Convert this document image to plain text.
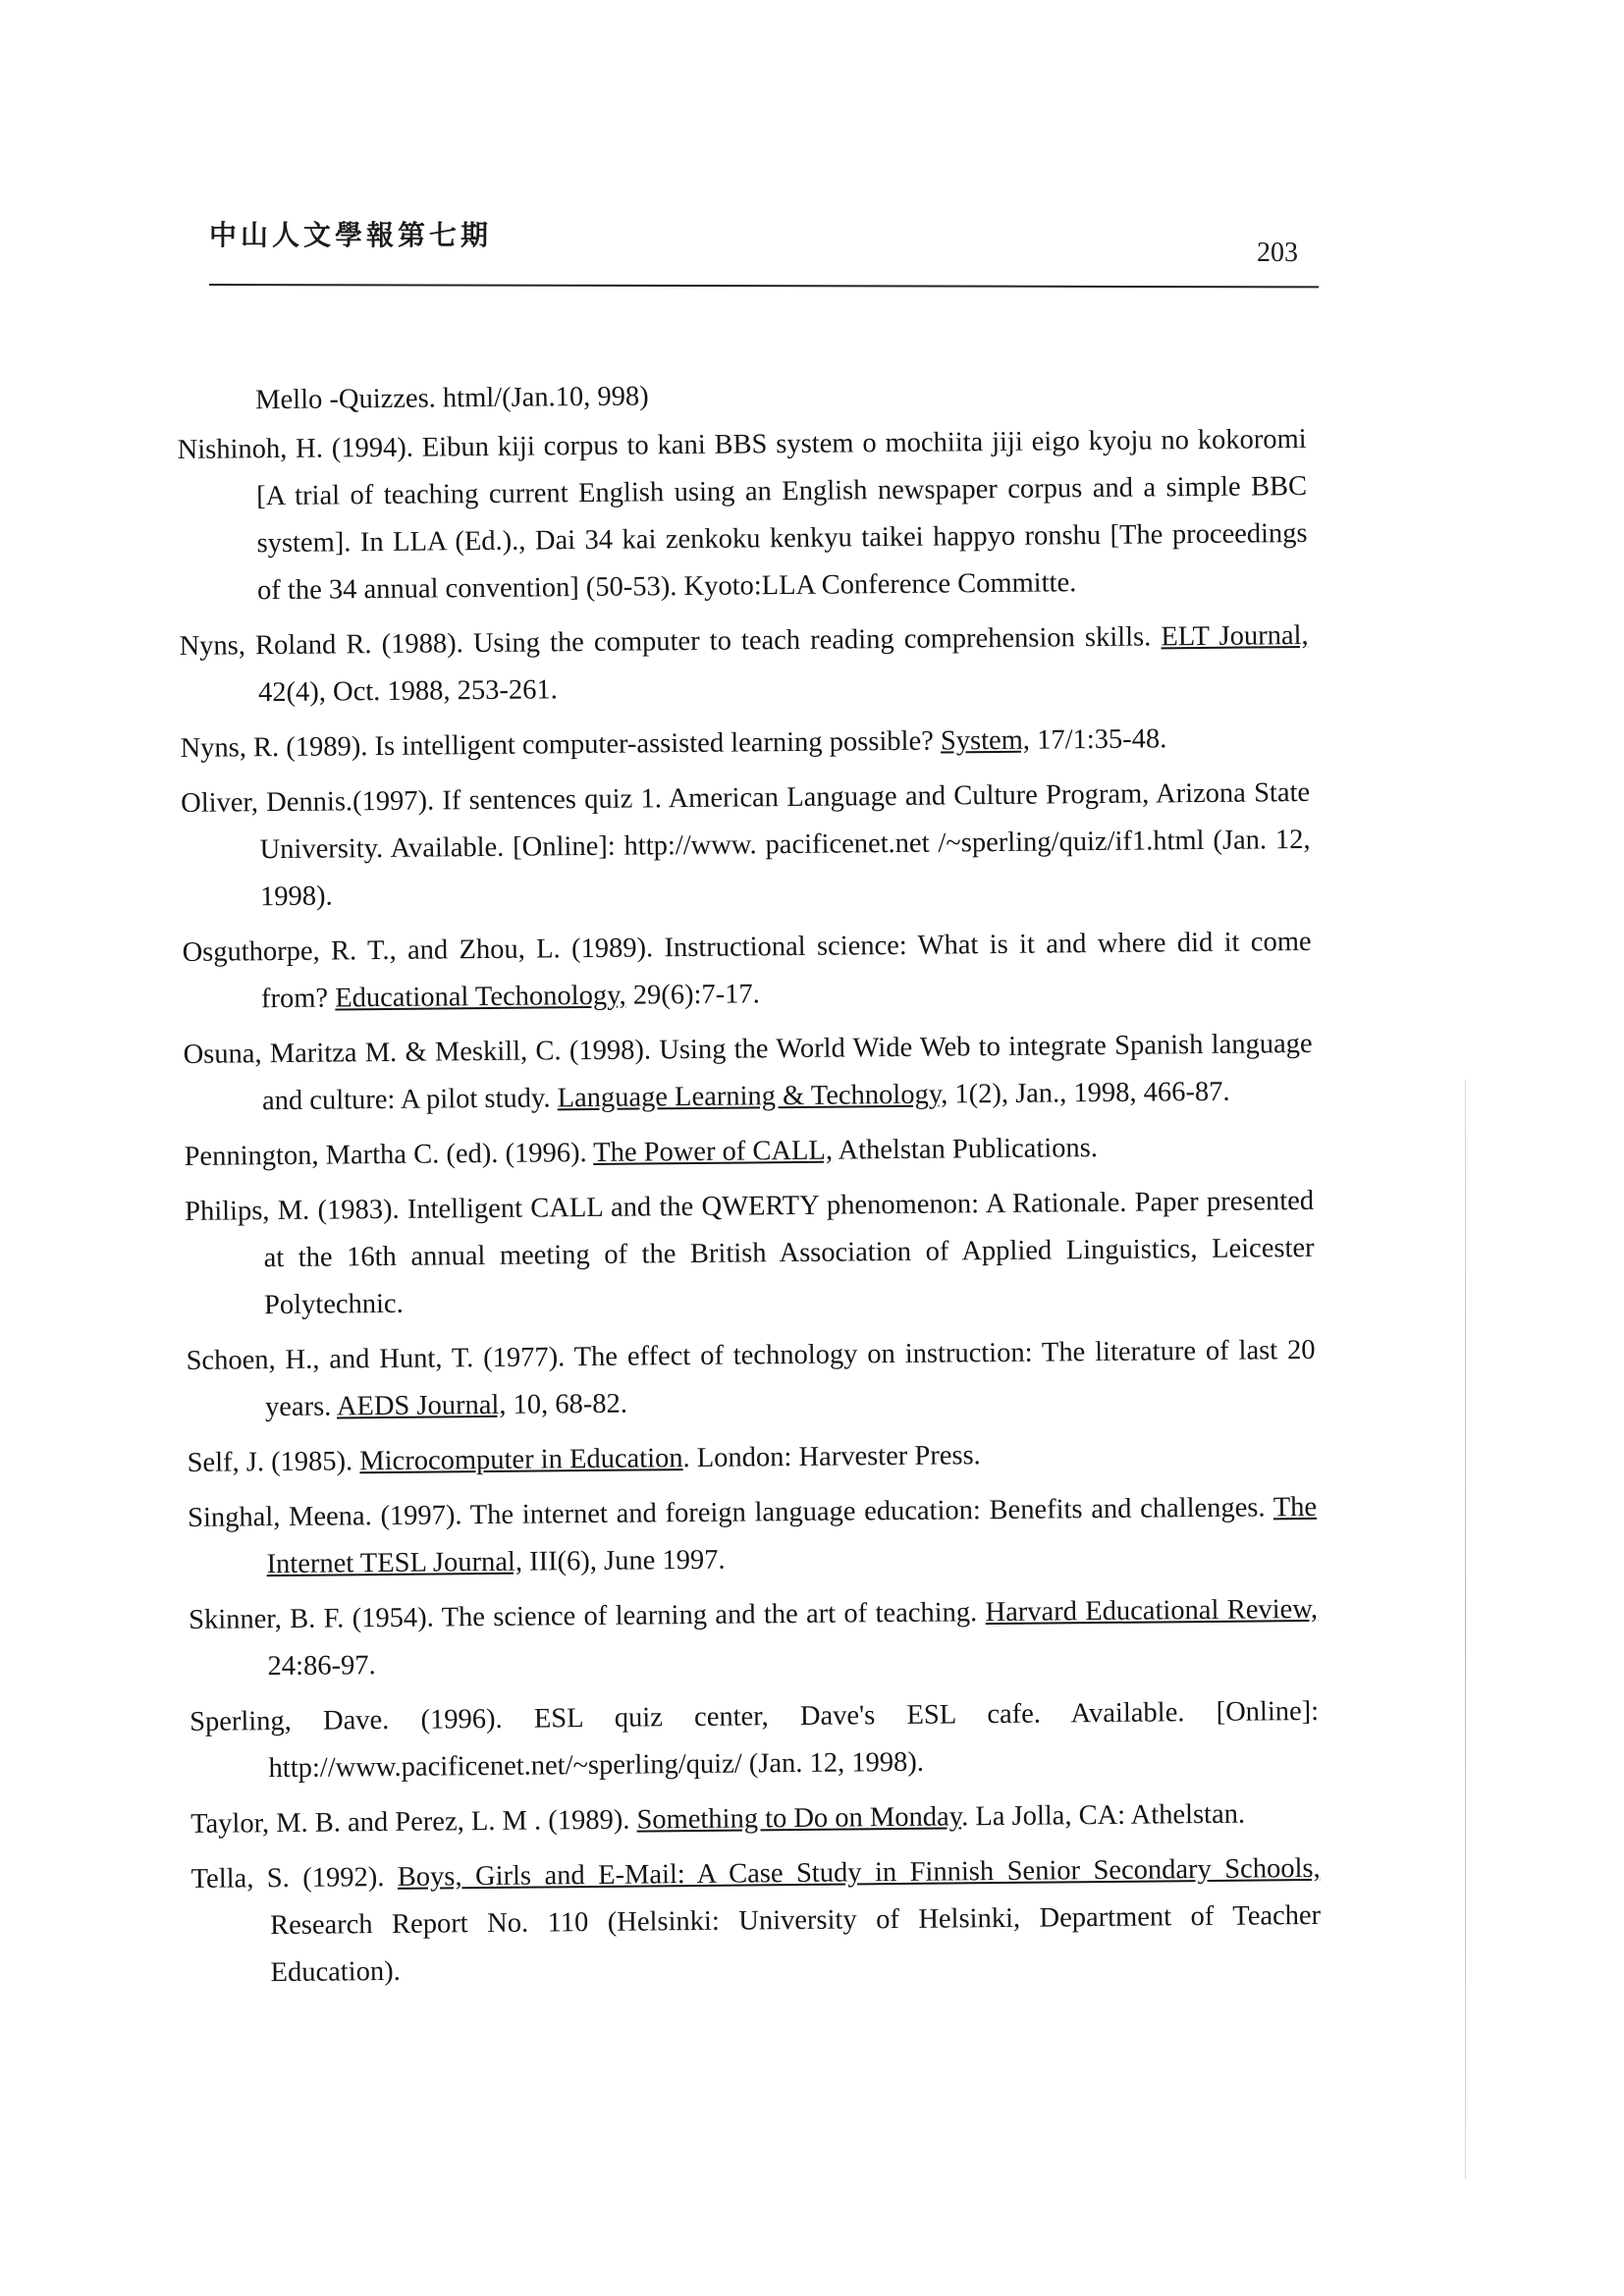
中山人文學報第七期
203

Mello -Quizzes. html/(Jan.10, 998)

Nishinoh, H. (1994). Eibun kiji corpus to kani BBS system o mochiita jiji eigo kyoju no kokoromi [A trial of teaching current English using an English newspaper corpus and a simple BBC system]. In LLA (Ed.)., Dai 34 kai zenkoku kenkyu taikei happyo ronshu [The proceedings of the 34 annual convention] (50-53). Kyoto:LLA Conference Committe.

Nyns, Roland R. (1988). Using the computer to teach reading comprehension skills. ELT Journal, 42(4), Oct. 1988, 253-261.

Nyns, R. (1989). Is intelligent computer-assisted learning possible? System, 17/1:35-48.

Oliver, Dennis.(1997). If sentences quiz 1. American Language and Culture Program, Arizona State University. Available. [Online]: http://www. pacificenet.net /~sperling/quiz/if1.html (Jan. 12, 1998).

Osguthorpe, R. T., and Zhou, L. (1989). Instructional science: What is it and where did it come from? Educational Techonology, 29(6):7-17.

Osuna, Maritza M. & Meskill, C. (1998). Using the World Wide Web to integrate Spanish language and culture: A pilot study. Language Learning & Technology, 1(2), Jan., 1998, 466-87.

Pennington, Martha C. (ed). (1996). The Power of CALL, Athelstan Publications.

Philips, M. (1983). Intelligent CALL and the QWERTY phenomenon: A Rationale. Paper presented at the 16th annual meeting of the British Association of Applied Linguistics, Leicester Polytechnic.

Schoen, H., and Hunt, T. (1977). The effect of technology on instruction: The literature of last 20 years. AEDS Journal, 10, 68-82.

Self, J. (1985). Microcomputer in Education. London: Harvester Press.

Singhal, Meena. (1997). The internet and foreign language education: Benefits and challenges. The Internet TESL Journal, III(6), June 1997.

Skinner, B. F. (1954). The science of learning and the art of teaching. Harvard Educational Review, 24:86-97.

Sperling, Dave. (1996). ESL quiz center, Dave's ESL cafe. Available. [Online]: http://www.pacificenet.net/~sperling/quiz/ (Jan. 12, 1998).

Taylor, M. B. and Perez, L. M . (1989). Something to Do on Monday. La Jolla, CA: Athelstan.

Tella, S. (1992). Boys, Girls and E-Mail: A Case Study in Finnish Senior Secondary Schools, Research Report No. 110 (Helsinki: University of Helsinki, Department of Teacher Education).
